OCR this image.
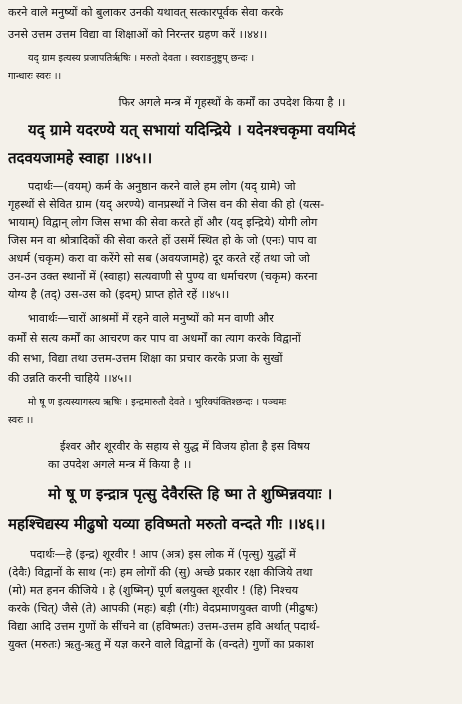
करने वाले मनुष्यों को बुलाकर उनकी यथावत् सत्कारपूर्वक सेवा करके
उनसे उत्तम उत्तम विद्या वा शिक्षाओं को निरन्तर ग्रहण करें ।।४४।।
यद् ग्राम इत्यस्य प्रजापतिर्ऋषिः । मरुतो देवता । स्वराडनुष्टुप् छन्दः ।
गान्धारः स्वरः ।।
फिर अगले मन्त्र में गृहस्थों के कर्मों का उपदेश किया है ।।
यद् ग्रामे यदरण्ये यत् सभायां यदिन्द्रिये । यदेनश्चकृमा वयमिदं
तदवयजामहे स्वाहा ।।४५।।
पदार्थः—(वयम्) कर्म के अनुष्ठान करने वाले हम लोग (यद् ग्रामे) जो
गृहस्थों से सेवित ग्राम (यद् अरण्ये) वानप्रस्थों ने जिस वन की सेवा की हो (यत्स-
भायाम्) विद्वान् लोग जिस सभा की सेवा करते हों और (यद् इन्द्रिये) योगी लोग
जिस मन वा श्रोत्रादिकों की सेवा करते हों उसमें स्थित हो के जो (एनः) पाप वा
अधर्म (चकृम) करा वा करेंगे सो सब (अवयजामहे) दूर करते रहें तथा जो जो
उन-उन उक्त स्थानों में (स्वाहा) सत्यवाणी से पुण्य वा धर्माचरण (चकृम) करना
योग्य है (तद्) उस-उस को (इदम्) प्राप्त होते रहें ।।४५।।
भावार्थः—चारों आश्रमों में रहने वाले मनुष्यों को मन वाणी और
कर्मों से सत्य कर्मों का आचरण कर पाप वा अधर्मों का त्याग करके विद्वानों
की सभा, विद्या तथा उत्तम-उत्तम शिक्षा का प्रचार करके प्रजा के सुखों
की उन्नति करनी चाहिये ।।४५।।
मो षू ण इत्यस्यागस्त्य ऋषिः । इन्द्रमारुतौ देवते । भुरिक्पंक्तिश्छन्दः । पञ्चमः
स्वरः ।।
ईश्वर और शूरवीर के सहाय से युद्ध में विजय होता है इस विषय
का उपदेश अगले मन्त्र में किया है ।।
मो षू ण इन्द्रात्र पृत्सु देवैरस्ति हि ष्मा ते शुष्मिन्नवयाः ।
महश्चिद्यस्य मीढुषो यव्या हविष्मतो मरुतो वन्दते गीः ।।४६।।
पदार्थः—हे (इन्द्र) शूरवीर ! आप (अत्र) इस लोक में (पृत्सु) युद्धों में
(देवैः) विद्वानों के साथ (नः) हम लोगों की (सु) अच्छे प्रकार रक्षा कीजिये तथा
(मो) मत हनन कीजिये । हे (शुष्मिन्) पूर्ण बलयुक्त शूरवीर ! (हि) निश्चय
करके (चित्) जैसे (ते) आपकी (महः) बड़ी (गीः) वेदप्रमाणयुक्त वाणी (मीढुषः)
विद्या आदि उत्तम गुणों के सींचने वा (हविष्मतः) उत्तम-उत्तम हवि अर्थात् पदार्थ-
युक्त (मरुतः) ऋतु-ऋतु में यज्ञ करने वाले विद्वानों के (वन्दते) गुणों का प्रकाश
